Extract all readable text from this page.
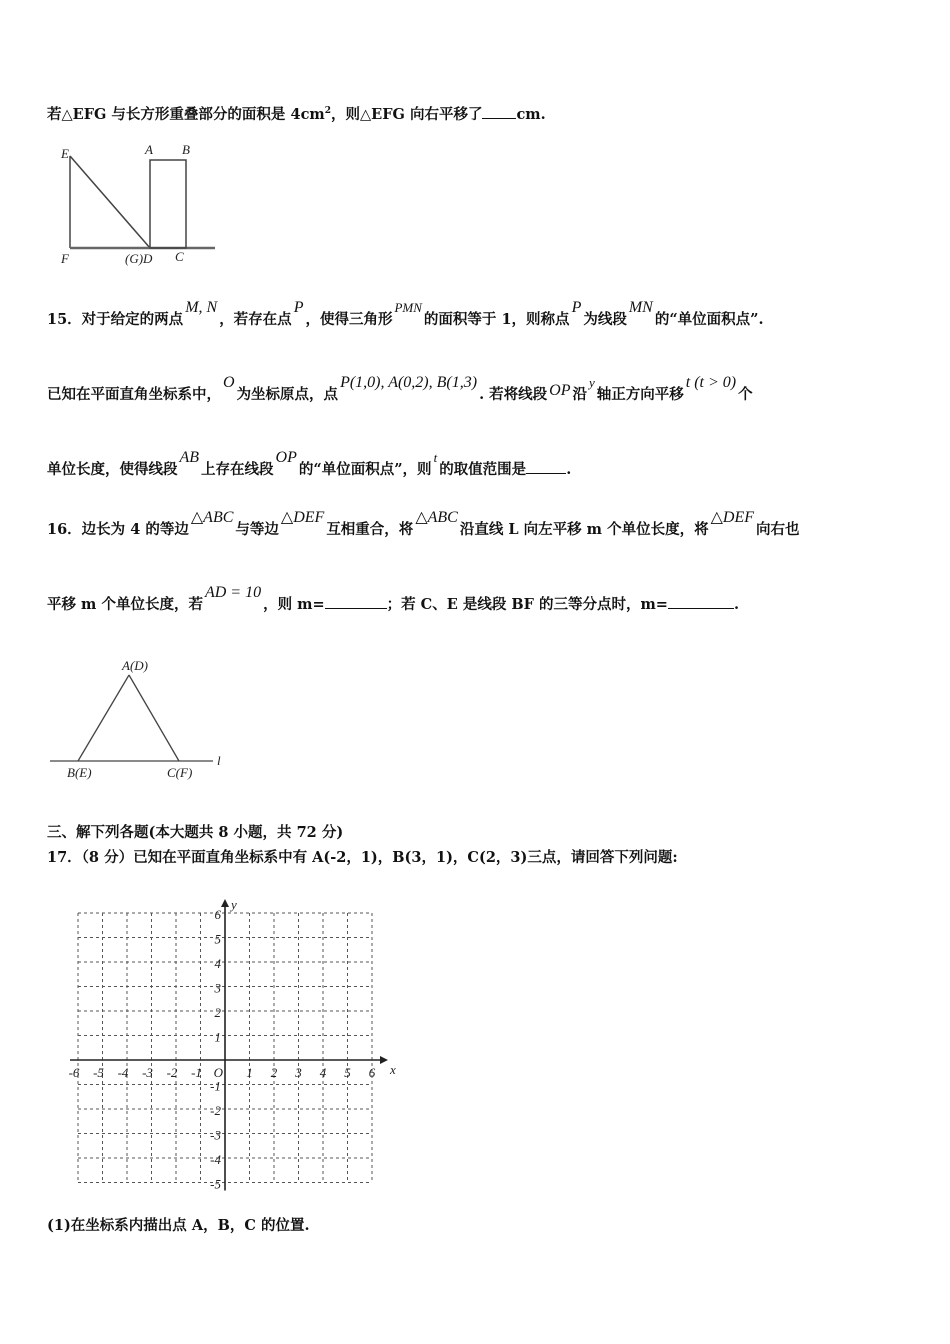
若△EFG 与长方形重叠部分的面积是 $4cm^2$，则△EFG 向右平移了 cm.
E	A B
F	(G)D C
15．对于给定的两点M, N，若存在点P，使得三角形PMN的面积等于 1，则称点P为线段MN的“单位面积点”.
已知在平面直角坐标系中，O为坐标原点，点P(1,0), A(0,2), B(1,3). 若将线段 OP 沿y轴正方向平移t (t > 0)个
单位长度，使得线段AB上存在线段OP的“单位面积点”，则t的取值范围是	.
16．边长为 4 的等边△ABC与等边△DEF互相重合，将△ABC沿直线 L 向左平移 m 个单位长度，将△DEF向右也
平移 m 个单位长度，若AD = 10，则 m=	；若 C、E 是线段 BF 的三等分点时，m=	.
A(D)
B(E)	C(F)
l
三、解下列各题(本大题共 8 小题，共 72 分)
17．（8 分）已知在平面直角坐标系中有 A(-2，1)，B(3，1)，C(2，3)三点，请回答下列问题:
-6 -5 -4 -3 -2 -1	1 2 3 4 5 6
6
5
4
3
2
1
-1
-2
-3
-4
-5
O	x
y
(1)在坐标系内描出点 A，B，C 的位置.
